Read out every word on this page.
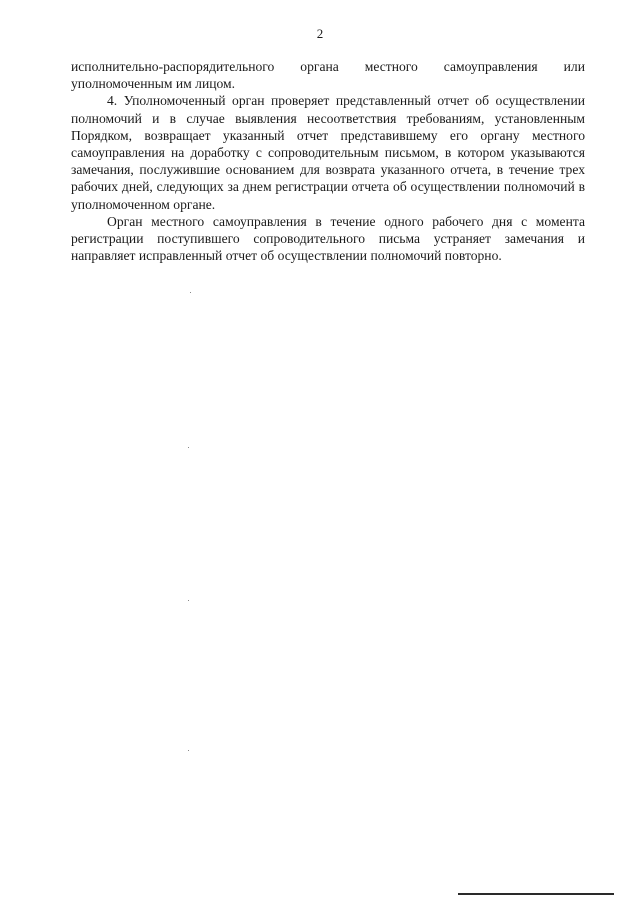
2

исполнительно-распорядительного органа местного самоуправления или уполномоченным им лицом.

4. Уполномоченный орган проверяет представленный отчет об осуществлении полномочий и в случае выявления несоответствия требованиям, установленным Порядком, возвращает указанный отчет представившему его органу местного самоуправления на доработку с сопроводительным письмом, в котором указываются замечания, послужившие основанием для возврата указанного отчета, в течение трех рабочих дней, следующих за днем регистрации отчета об осуществлении полномочий в уполномоченном органе.

Орган местного самоуправления в течение одного рабочего дня с момента регистрации поступившего сопроводительного письма устраняет замечания и направляет исправленный отчет об осуществлении полномочий повторно.
